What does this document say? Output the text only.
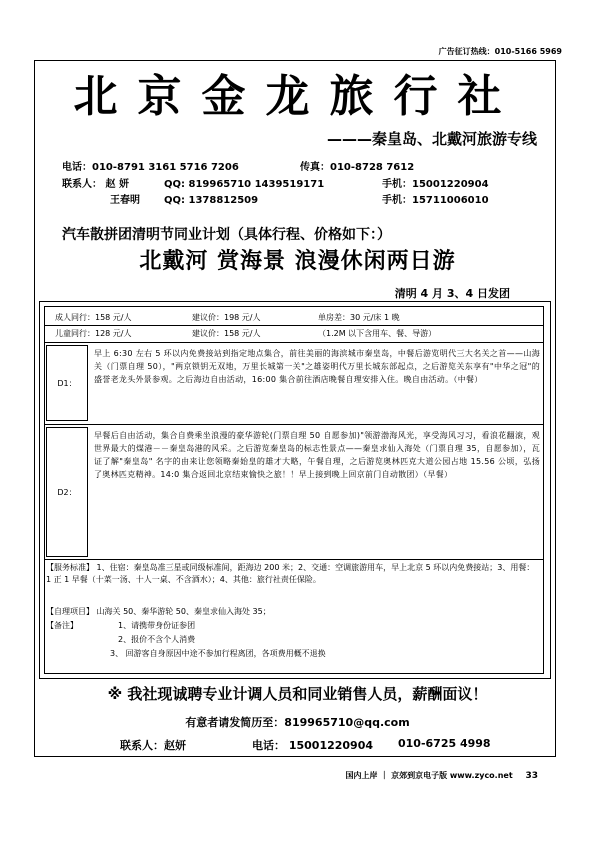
广告征订热线：010-5166 5969
北京金龙旅行社
———秦皇岛、北戴河旅游专线
电话：010-8791 3161 5716 7206	传真：010-8728 7612
联系人： 赵 妍	QQ: 819965710 1439519171	手机：15001220904
王春明 QQ: 1378812509	手机：15711006010
汽车散拼团清明节同业计划（具体行程、价格如下：）
北戴河 赏海景 浪漫休闲两日游
清明 4 月 3、4 日发团
成人同行：158 元/人	建议价：198 元/人	单房差：30 元/床 1 晚
儿童同行：128 元/人	建议价：158 元/人	（1.2M 以下含用车、餐、导游）
D1：
早上 6:30 左右 5 环以内免费接站到指定地点集合，前往美丽的海滨城市秦皇岛，中餐后游览明代三大名关之首——山海关（门票自理 50），"两京锁钥无双地，万里长城第一关"之雄姿明代万里长城东部起点，之后游览关东享有"中华之冠"的盛誉老龙头外景参观。之后海边自由活动，16:00 集合前往酒店晚餐自理安排入住。晚自由活动。（中餐）
D2：
早餐后自由活动，集合自费乘坐浪漫的豪华游轮(门票自理 50 自愿参加)"领游渤海风光，享受海风习习，看浪花翻滚，观世界最大的煤港－－秦皇岛港的风采。之后游览秦皇岛的标志性景点——秦皇求仙入海处（门票自理 35，自愿参加），瓦证了解"秦皇岛" 名字的由来让您领略秦始皇的雄才大略，午餐自理，之后游览奥林匹克大道公园占地 15.56 公顷，弘扬了奥林匹克精神。14:0 集合返回北京结束愉快之旅！！早上接到晚上回京前门自动散团）（早餐）
【服务标准】 1、住宿：秦皇岛准三星或同级标准间，距海边 200 米；2、交通：空调旅游用车，早上北京 5 环以内免费接站；3、用餐：1 正 1 早餐（十菜一汤、十人一桌、不含酒水）；4、其他：旅行社责任保险。
【自理项目】 山海关 50、秦华游轮 50、秦皇求仙入海处 35；
【备注】	1、请携带身份证参团
2、报价不含个人消费
3、 回游客自身原因中途不参加行程离团，各项费用概不退换
※ 我社现诚聘专业计调人员和同业销售人员，薪酬面议！
有意者请发简历至：819965710@qq.com
联系人：赵妍	电话： 15001220904 010-6725 4998
国内上岸 ｜ 京郊到京电子版 www.zyco.net 33
